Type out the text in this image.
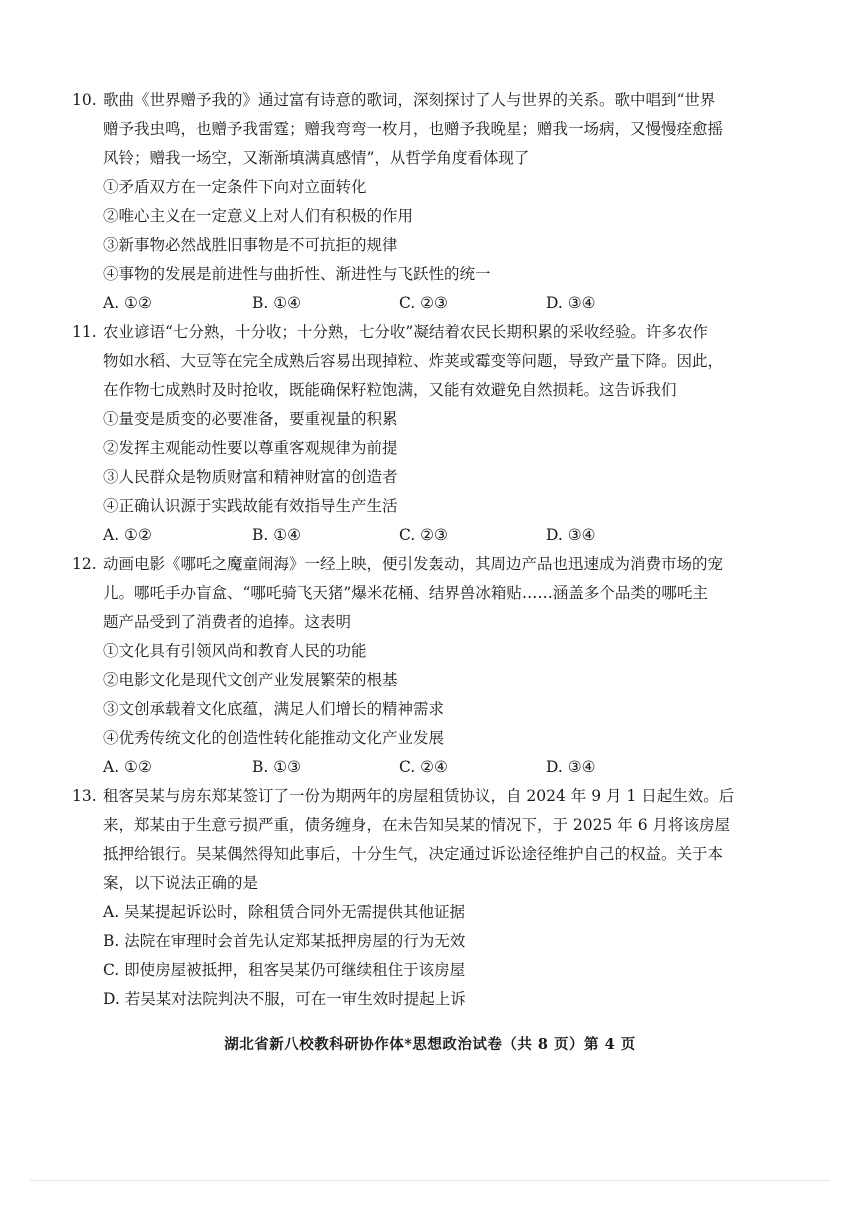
10. 歌曲《世界赠予我的》通过富有诗意的歌词，深刻探讨了人与世界的关系。歌中唱到“世界
赠予我虫鸣，也赠予我雷霆；赠我弯弯一枚月，也赠予我晚星；赠我一场病，又慢慢痊愈摇
风铃；赠我一场空，又渐渐填满真感情”，从哲学角度看体现了
①矛盾双方在一定条件下向对立面转化
②唯心主义在一定意义上对人们有积极的作用
③新事物必然战胜旧事物是不可抗拒的规律
④事物的发展是前进性与曲折性、渐进性与飞跃性的统一
A. ①②	B. ①④	C. ②③	D. ③④
11. 农业谚语“七分熟，十分收；十分熟，七分收”凝结着农民长期积累的采收经验。许多农作
物如水稻、大豆等在完全成熟后容易出现掉粒、炸荚或霉变等问题，导致产量下降。因此，
在作物七成熟时及时抢收，既能确保籽粒饱满，又能有效避免自然损耗。这告诉我们
①量变是质变的必要准备，要重视量的积累
②发挥主观能动性要以尊重客观规律为前提
③人民群众是物质财富和精神财富的创造者
④正确认识源于实践故能有效指导生产生活
A. ①②	B. ①④	C. ②③	D. ③④
12. 动画电影《哪吒之魔童闹海》一经上映，便引发轰动，其周边产品也迅速成为消费市场的宠
儿。哪吒手办盲盒、“哪吒骑飞天猪”爆米花桶、结界兽冰箱贴……涵盖多个品类的哪吒主
题产品受到了消费者的追捧。这表明
①文化具有引领风尚和教育人民的功能
②电影文化是现代文创产业发展繁荣的根基
③文创承载着文化底蕴，满足人们增长的精神需求
④优秀传统文化的创造性转化能推动文化产业发展
A. ①②	B. ①③	C. ②④	D. ③④
13. 租客吴某与房东郑某签订了一份为期两年的房屋租赁协议，自 2024 年 9 月 1 日起生效。后
来，郑某由于生意亏损严重，债务缠身，在未告知吴某的情况下，于 2025 年 6 月将该房屋
抵押给银行。吴某偶然得知此事后，十分生气，决定通过诉讼途径维护自己的权益。关于本
案，以下说法正确的是
A. 吴某提起诉讼时，除租赁合同外无需提供其他证据
B. 法院在审理时会首先认定郑某抵押房屋的行为无效
C. 即使房屋被抵押，租客吴某仍可继续租住于该房屋
D. 若吴某对法院判决不服，可在一审生效时提起上诉
湖北省新八校教科研协作体*思想政治试卷（共 8 页）第 4 页
